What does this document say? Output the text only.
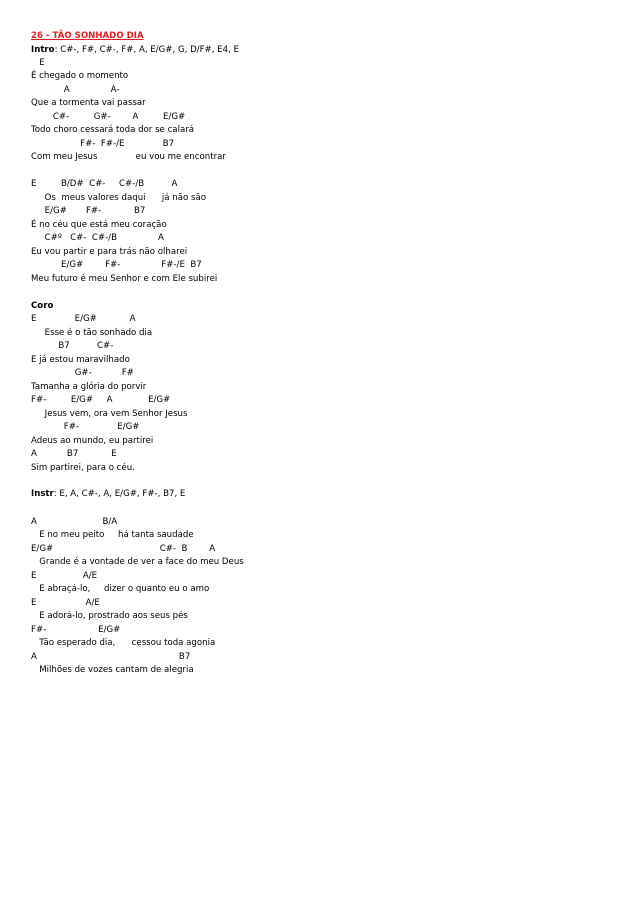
26 - TÃO SONHADO DIA
Intro: C#-, F#, C#-, F#, A, E/G#, G, D/F#, E4, E
E
É chegado o momento
A               A-
Que a tormenta vai passar
C#-         G#-        A         E/G#
Todo choro cessará toda dor se calará
F#-  F#-/E              B7
Com meu Jesus              eu vou me encontrar
E         B/D#  C#-     C#-/B          A
Os  meus valores daqui      já não são
E/G#       F#-            B7
É no céu que está meu coração
C#º   C#-  C#-/B               A
Eu vou partir e para trás não olharei
E/G#        F#-               F#-/E  B7
Meu futuro é meu Senhor e com Ele subirei
Coro
E              E/G#            A
Esse é o tão sonhado dia
B7          C#-
E já estou maravilhado
G#-           F#
Tamanha a glória do porvir
F#-         E/G#     A             E/G#
Jesus vem, ora vem Senhor Jesus
F#-              E/G#
Adeus ao mundo, eu partirei
A           B7            E
Sim partirei, para o céu.
A                        B/A
E no meu peito     há tanta saudade
E/G#                                       C#-  B        A
Grande é a vontade de ver a face do meu Deus
E                 A/E
E abraçá-lo,     dizer o quanto eu o amo
E                  A/E
E adorá-lo, prostrado aos seus pés
F#-                   E/G#
Tão esperado dia,      cessou toda agonia
A                                                    B7
Milhões de vozes cantam de alegria
Instr: E, A, C#-, A, E/G#, F#-, B7, E
